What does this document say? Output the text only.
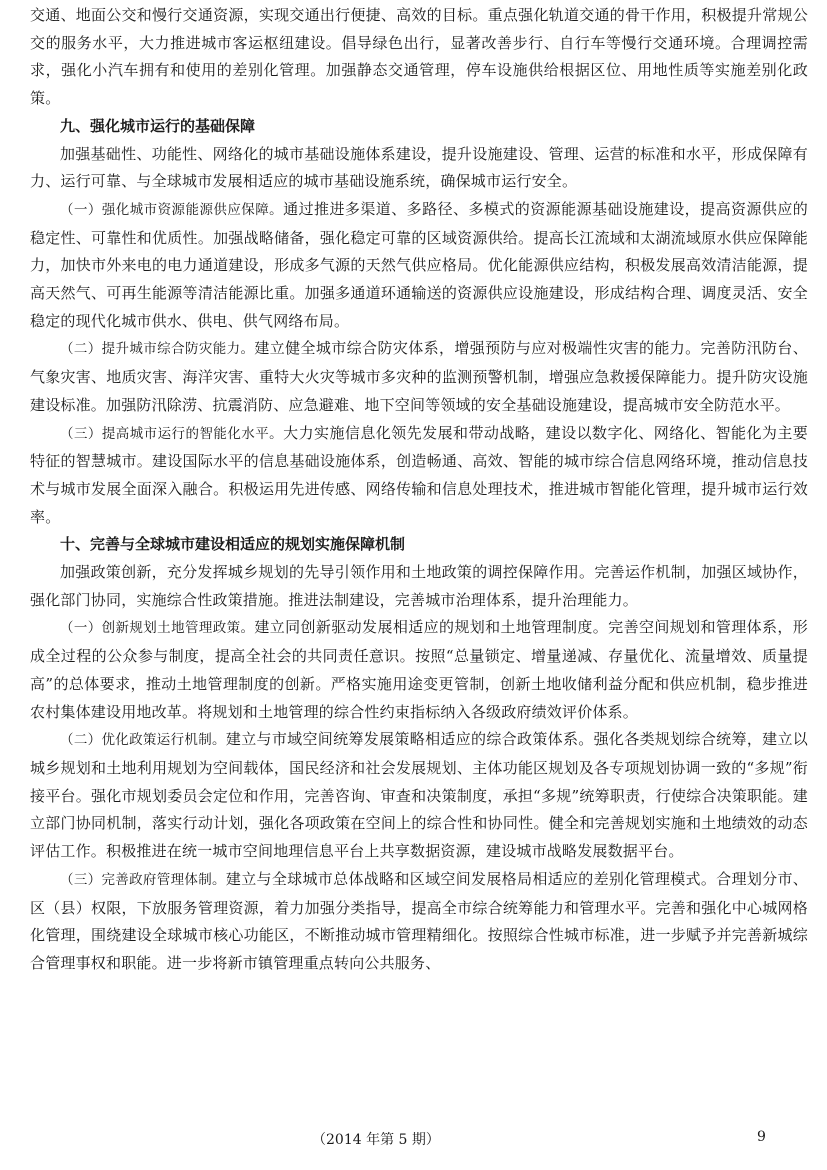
交通、地面公交和慢行交通资源，实现交通出行便捷、高效的目标。重点强化轨道交通的骨干作用，积极提升常规公交的服务水平，大力推进城市客运枢纽建设。倡导绿色出行，显著改善步行、自行车等慢行交通环境。合理调控需求，强化小汽车拥有和使用的差别化管理。加强静态交通管理，停车设施供给根据区位、用地性质等实施差别化政策。

九、强化城市运行的基础保障

加强基础性、功能性、网络化的城市基础设施体系建设，提升设施建设、管理、运营的标准和水平，形成保障有力、运行可靠、与全球城市发展相适应的城市基础设施系统，确保城市运行安全。

（一）强化城市资源能源供应保障。通过推进多渠道、多路径、多模式的资源能源基础设施建设，提高资源供应的稳定性、可靠性和优质性。加强战略储备，强化稳定可靠的区域资源供给。提高长江流域和太湖流域原水供应保障能力，加快市外来电的电力通道建设，形成多气源的天然气供应格局。优化能源供应结构，积极发展高效清洁能源，提高天然气、可再生能源等清洁能源比重。加强多通道环通输送的资源供应设施建设，形成结构合理、调度灵活、安全稳定的现代化城市供水、供电、供气网络布局。

（二）提升城市综合防灾能力。建立健全城市综合防灾体系，增强预防与应对极端性灾害的能力。完善防汛防台、气象灾害、地质灾害、海洋灾害、重特大火灾等城市多灾种的监测预警机制，增强应急救援保障能力。提升防灾设施建设标准。加强防汛除涝、抗震消防、应急避难、地下空间等领域的安全基础设施建设，提高城市安全防范水平。

（三）提高城市运行的智能化水平。大力实施信息化领先发展和带动战略，建设以数字化、网络化、智能化为主要特征的智慧城市。建设国际水平的信息基础设施体系，创造畅通、高效、智能的城市综合信息网络环境，推动信息技术与城市发展全面深入融合。积极运用先进传感、网络传输和信息处理技术，推进城市智能化管理，提升城市运行效率。

十、完善与全球城市建设相适应的规划实施保障机制

加强政策创新，充分发挥城乡规划的先导引领作用和土地政策的调控保障作用。完善运作机制，加强区域协作，强化部门协同，实施综合性政策措施。推进法制建设，完善城市治理体系，提升治理能力。

（一）创新规划土地管理政策。建立同创新驱动发展相适应的规划和土地管理制度。完善空间规划和管理体系，形成全过程的公众参与制度，提高全社会的共同责任意识。按照“总量锁定、增量递减、存量优化、流量增效、质量提高”的总体要求，推动土地管理制度的创新。严格实施用途变更管制，创新土地收储利益分配和供应机制，稳步推进农村集体建设用地改革。将规划和土地管理的综合性约束指标纳入各级政府绩效评价体系。

（二）优化政策运行机制。建立与市域空间统筹发展策略相适应的综合政策体系。强化各类规划综合统筹，建立以城乡规划和土地利用规划为空间载体，国民经济和社会发展规划、主体功能区规划及各专项规划协调一致的“多规”衔接平台。强化市规划委员会定位和作用，完善咨询、审查和决策制度，承担“多规”统筹职责，行使综合决策职能。建立部门协同机制，落实行动计划，强化各项政策在空间上的综合性和协同性。健全和完善规划实施和土地绩效的动态评估工作。积极推进在统一城市空间地理信息平台上共享数据资源，建设城市战略发展数据平台。

（三）完善政府管理体制。建立与全球城市总体战略和区域空间发展格局相适应的差别化管理模式。合理划分市、区（县）权限，下放服务管理资源，着力加强分类指导，提高全市综合统筹能力和管理水平。完善和强化中心城网格化管理，围绕建设全球城市核心功能区，不断推动城市管理精细化。按照综合性城市标准，进一步赋予并完善新城综合管理事权和职能。进一步将新市镇管理重点转向公共服务、

（2014 年第 5 期）	9
